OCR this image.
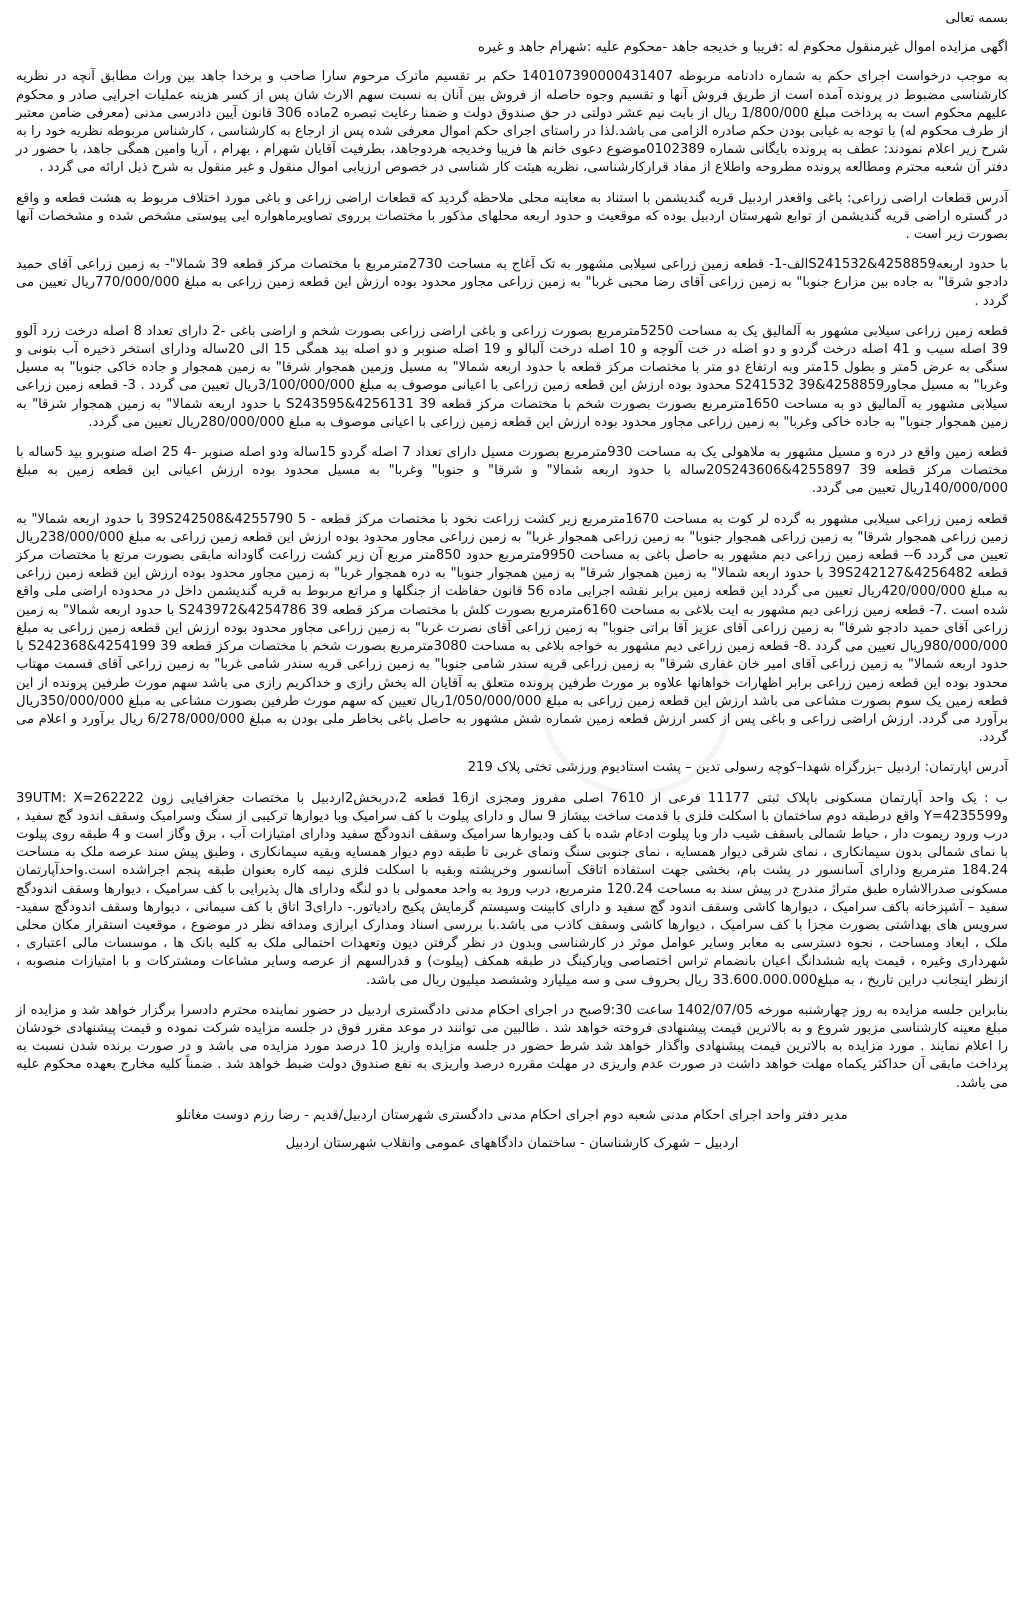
بسمه تعالی
اگهی مزایده اموال غیرمنقول محکوم له :فریبا و خدیجه جاهد -محکوم علیه :شهرام جاهد و غیره

به موجب درخواست اجرای حکم به شماره دادنامه مربوطه 140107390000431407 حکم بر تقسیم ماترک مرحوم سارا صاحب و برخدا جاهد بین وراث مطابق آنچه در نظریه کارشناسی مضبوط در پرونده آمده است از طریق فروش آنها و تقسیم وجوه حاصله از فروش بین آنان به نسبت سهم الارث شان پس از کسر هزینه عملیات اجرایی صادر و محکوم علیهم محکوم است به پرداخت مبلغ 1/800/000 ریال از بابت نیم عشر دولتی در حق صندوق دولت و ضمنا رعایت تبصره 2ماده 306 قانون آیین دادرسی مدنی (معرفی ضامن معتبر از طرف محکوم له) با توجه به غیابی بودن حکم صادره الزامی می باشد.لذا در راستای اجرای حکم اموال معرفی شده پس از ارجاع به کارشناسی ، کارشناس مربوطه نظریه خود را به شرح زیر اعلام نمودند: عطف به پرونده بایگانی شماره 0102389موضوع دعوی خانم ها فریبا وخدیجه هردوجاهد، بطرفیت آقایان شهرام ، بهرام ، آریا وامین همگی جاهد، با حضور در دفتر آن شعبه محترم ومطالعه پرونده مطروحه واطلاع از مفاد قرارکارشناسی، نظریه هیئت کار شناسی در خصوص ارزیابی اموال منقول و غیر منقول به شرح ذیل ارائه می گردد .

آدرس قطعات اراضی زراعی: باغی واقعدر اردبیل قریه گندیشمن با استناد به معاینه محلی ملاحظه گردید که قطعات اراضی زراعی و باغی مورد اختلاف مربوط به هشت قطعه و واقع در گستره اراضی قریه گندیشمن از توابع شهرستان اردبیل بوده که موقعیت و حدود اربعه محلهای مذکور با مختصات برروی تصاویرماهواره ایی پیوستی مشخص شده و مشخصات آنها بصورت زیر است .

با حدود اربعه4258859&S241532الف-1- قطعه زمین زراعی سیلابی مشهور به تک آغاج به مساحت 2730مترمربع با مختصات مرکز قطعه 39 شمالا"- به زمین زراعی آقای حمید دادجو شرقا" به جاده بین مزارع جنوبا" به زمین زراعی آقای رضا محبی غربا" به زمین زراعی مجاور محدود بوده ارزش این قطعه زمین زراعی به مبلغ 770/000/000ریال تعیین می گردد .

قطعه زمین زراعی سیلابی مشهور به آلمالیق یک به مساحت 5250مترمربع بصورت زراعی و باغی اراضی زراعی بصورت شخم و اراضی باغی -2 دارای تعداد 8 اصله درخت زرد آلوو 39 اصله سیب و 41 اصله درخت گردو و دو اصله در خت آلوچه و 10 اصله درخت آلبالو و 19 اصله صنوبر و دو اصله بید همگی 15 الی 20ساله ودارای استخر ذخیره آب بتونی و سنگی به عرض 5متر و بطول 15متر وبه ارتفاع دو متر با مختصات مرکز قطعه با حدود اربعه شمالا" به مسیل وزمین همجوار شرقا" به زمین همجوار و جاده خاکی جنوبا" به مسیل وغربا" به مسیل مجاور4258859&S241532 39 محدود بوده ارزش این قطعه زمین زراعی با اعیانی موصوف به مبلغ 3/100/000/000ریال تعیین می گردد . 3- قطعه زمین زراعی سیلابی مشهور به آلمالیق دو به مساحت 1650مترمربع بصورت بصورت شخم با مختصات مرکز قطعه 39 4256131&S243595 با حدود اربعه شمالا" به زمین همجوار شرقا" به زمین همجوار جنوبا" به جاده خاکی وغربا" به زمین زراعی مجاور محدود بوده ارزش این قطعه زمین زراعی با اعیانی موصوف به مبلغ 280/000/000ریال تعیین می گردد.

قطعه زمین واقع در دره و مسیل مشهور به ملاهولی یک به مساحت 930مترمربع بصورت مسیل دارای تعداد 7 اصله گردو 15ساله ودو اصله صنوبر -4 25 اصله صنوبرو بید 5ساله با مختصات مرکز قطعه 39 4255897&20S243606ساله با حدود اربعه شمالا" و شرقا" و جنوبا" وغربا" به مسیل محدود بوده ارزش اعیانی این قطعه زمین به مبلغ 140/000/000ریال تعیین می گردد.

قطعه زمین زراعی سیلابی مشهور به گرده لر کوت به مساحت 1670مترمربع زیر کشت زراعت نخود با مختصات مرکز قطعه - 5 39S242508&4255790 با حدود اربعه شمالا" به زمین زراعی همجوار شرقا" به زمین زراعی همجوار جنوبا" به زمین زراعی همجوار غربا" به زمین زراعی مجاور محدود بوده ارزش این قطعه زمین زراعی به مبلغ 238/000/000ریال تعیین می گردد 6-- قطعه زمین زراعی دیم مشهور به حاصل باغی به مساحت 9950مترمربع حدود 850متر مربع آن زیر کشت زراعت گاودانه مابقی بصورت مرتع با مختصات مرکز قطعه 39S242127&4256482 با حدود اربعه شمالا" به زمین همجوار شرقا" به زمین همجوار جنوبا" به دره همجوار غربا" به زمین مجاور محدود بوده ارزش این قطعه زمین زراعی به مبلغ 420/000/000ریال تعیین می گردد این قطعه زمین برابر نقشه اجرایی ماده 56 قانون حفاظت از جنگلها و مراتع مربوط به قریه گندیشمن داخل در محدوده اراضی ملی واقع شده است .7- قطعه زمین زراعی دیم مشهور به ایت بلاغی به مساحت 6160مترمربع بصورت کلش با مختصات مرکز قطعه 39 S243972&4254786 با حدود اربعه شمالا" به زمین زراعی آقای حمید دادجو شرقا" به زمین زراعی آقای عزیز آقا براتی جنوبا" به زمین زراعی آقای نصرت غربا" به زمین زراعی مجاور محدود بوده ارزش این قطعه زمین زراعی به مبلغ 980/000/000ریال تعیین می گردد .8- قطعه زمین زراعی دیم مشهور به خواجه بلاغی به مساحت 3080مترمربع بصورت شخم با مختصات مرکز قطعه 39 S242368&4254199 با حدود اربعه شمالا" به زمین زراعی آقای امیر خان غفاری شرقا" به زمین زراعی قریه سندر شامی جنوبا" به زمین زراعی قریه سندر شامی غربا" به زمین زراعی آقای قسمت مهتاب محدود بوده این قطعه زمین زراعی برابر اظهارات خواهانها علاوه بر مورث طرفین پرونده متعلق به آقایان اله بخش رازی و خداکریم رازی می باشد سهم مورث طرفین پرونده از این قطعه زمین یک سوم بصورت مشاعی می باشد ارزش این قطعه زمین زراعی به مبلغ 1/050/000/000ریال تعیین که سهم مورث طرفین بصورت مشاعی به مبلغ 350/000/000ریال برآورد می گردد. ارزش اراضی زراعی و باغی پس از کسر ارزش قطعه زمین شماره شش مشهور به حاصل باغی بخاطر ملی بودن به مبلغ 6/278/000/000 ریال برآورد و اعلام می گردد.

آدرس اپارتمان: اردبیل –بزرگراه شهدا–کوچه رسولی تدین – پشت استادیوم ورزشی تختی پلاک 219

ب : یک واحد آپارتمان مسکونی باپلاک ثبتی 11177 فرعی از 7610 اصلی مفروز ومجزی از16 قطعه 2،دربخش2اردبیل با مختصات جغرافیایی زون 39UTM: X=262222 وY=4235599 واقع درطبقه دوم ساختمان با اسکلت فلزی با قدمت ساخت بیشاز 9 سال و دارای پیلوت با کف سرامیک وبا دیوارها ترکیبی از سنگ وسرامیک وسقف اندود گچ سفید ، درب ورود ریموت دار ، حیاط شمالی باسقف شیب دار وبا پیلوت ادغام شده با کف ودیوارها سرامیک وسقف اندودگچ سفید ودارای امتیازات آب ، برق وگاز است و 4 طبقه روی پیلوت با نمای شمالی بدون سیمانکاری ، نمای شرقی دیوار همسایه ، نمای جنوبی سنگ ونمای غربی تا طبقه دوم دیوار همسایه وبقیه سیمانکاری ، وطبق پیش سند عرصه ملک به مساحت 184.24 مترمربع ودارای آسانسور در پشت بام، بخشی جهت استفاده اتاقک آسانسور وخرپشته وبقیه با اسکلت فلزی نیمه کاره بعنوان طبقه پنجم اجراشده است.واحدآپارتمان مسکونی صدرالاشاره طبق متراژ مندرج در پیش سند به مساحت 120.24 مترمربع، درب ورود به واحد معمولی با دو لنگه ودارای هال پذیرایی با کف سرامیک ، دیوارها وسقف اندودگچ سفید – آشپزخانه باکف سرامیک ، دیوارها کاشی وسقف اندود گچ سفید و دارای کابینت وسیستم گرمایش پکیج رادیاتور.- دارای3 اتاق با کف سیمانی ، دیوارها وسقف اندودگچ سفید- سرویس های بهداشتی بصورت مجزا با کف سرامیک ، دیوارها کاشی وسقف کاذب می باشد.با بررسی اسناد ومدارک ابرازی ومداقه نظر در موضوع ، موقعیت استقرار مکان محلی ملک ، ابعاد ومساحت ، نحوه دسترسی به معابر وسایر عوامل موثر در کارشناسی وبدون در نظر گرفتن دیون وتعهدات احتمالی ملک به کلیه بانک ها ، موسسات مالی اعتباری ، شهرداری وغیره ، قیمت پایه ششدانگ اعیان بانضمام تراس اختصاصی وپارکینگ در طبقه همکف (پیلوت) و قدرالسهم از عرصه وسایر مشاعات ومشترکات و با امتیازات منصوبه ، ازنظر اینجانب دراین تاریخ ، به مبلغ33.600.000.000 ریال بحروف سی و سه میلیارد وششصد میلیون ریال می باشد.

بنابراین جلسه مزایده به روز چهارشنبه مورخه 1402/07/05 ساعت 9:30صبح در اجرای احکام مدنی دادگستری اردبیل در حضور نماینده محترم دادسرا برگزار خواهد شد و مزایده از مبلغ معینه کارشناسی مزبور شروع و به بالاترین قیمت پیشنهادی فروخته خواهد شد . طالبین می توانند در موعد مقرر فوق در جلسه مزایده شرکت نموده و قیمت پیشنهادی خودشان را اعلام نمایند . مورد مزایده به بالاترین قیمت پیشنهادی واگذار خواهد شد شرط حضور در جلسه مزایده واریز 10 درصد مورد مزایده می باشد و در صورت برنده شدن نسبت به پرداخت مابقی آن حداکثر یکماه مهلت خواهد داشت در صورت عدم واریزی در مهلت مقرره درصد واریزی به نفع صندوق دولت ضبط خواهد شد . ضمناً کلیه مخارج بعهده محکوم علیه می باشد.

مدیر دفتر واحد اجرای احکام مدنی شعبه دوم اجرای احکام مدنی دادگستری شهرستان اردبیل/قدیم - رضا رزم دوست مغانلو
اردبیل – شهرک کارشناسان - ساختمان دادگاههای عمومی وانقلاب شهرستان اردبیل
